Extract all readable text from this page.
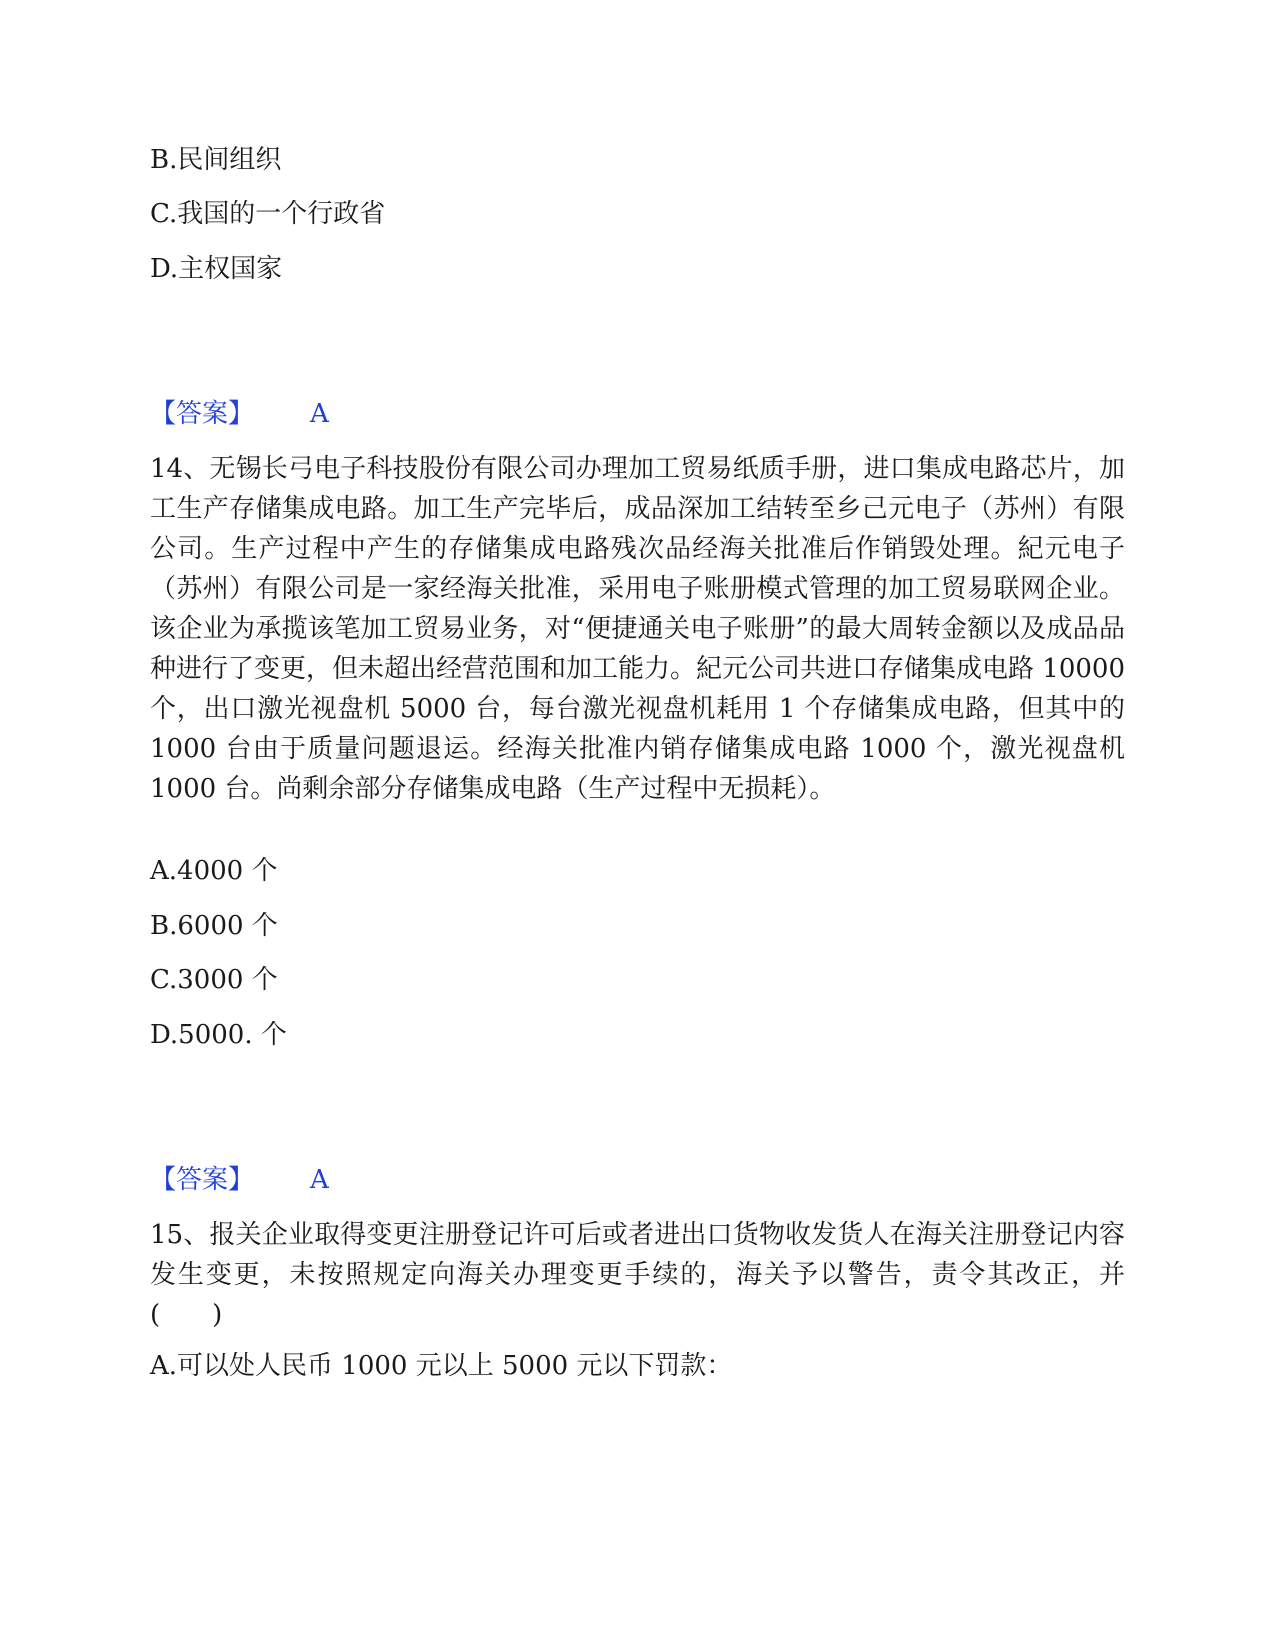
B.民间组织
C.我国的一个行政省
D.主权国家
【答案】 A
14、无锡长弓电子科技股份有限公司办理加工贸易纸质手册，进口集成电路芯片，加工生产存储集成电路。加工生产完毕后，成品深加工结转至乡己元电子（苏州）有限公司。生产过程中产生的存储集成电路残次品经海关批准后作销毁处理。紀元电子（苏州）有限公司是一家经海关批准，采用电子账册模式管理的加工贸易联网企业。该企业为承揽该笔加工贸易业务，对“便捷通关电子账册”的最大周转金额以及成品品种进行了变更，但未超出经营范围和加工能力。紀元公司共进口存储集成电路 10000 个，出口激光视盘机 5000 台，每台激光视盘机耗用 1 个存储集成电路，但其中的 1000 台由于质量问题退运。经海关批准内销存储集成电路 1000 个，激光视盘机 1000 台。尚剩余部分存储集成电路（生产过程中无损耗）。
A.4000 个
B.6000 个
C.3000 个
D.5000. 个
【答案】 A
15、报关企业取得变更注册登记许可后或者进出口货物收发货人在海关注册登记内容发生变更，未按照规定向海关办理变更手续的，海关予以警告，责令其改正，并(　　)
A.可以处人民币 1000 元以上 5000 元以下罚款：
